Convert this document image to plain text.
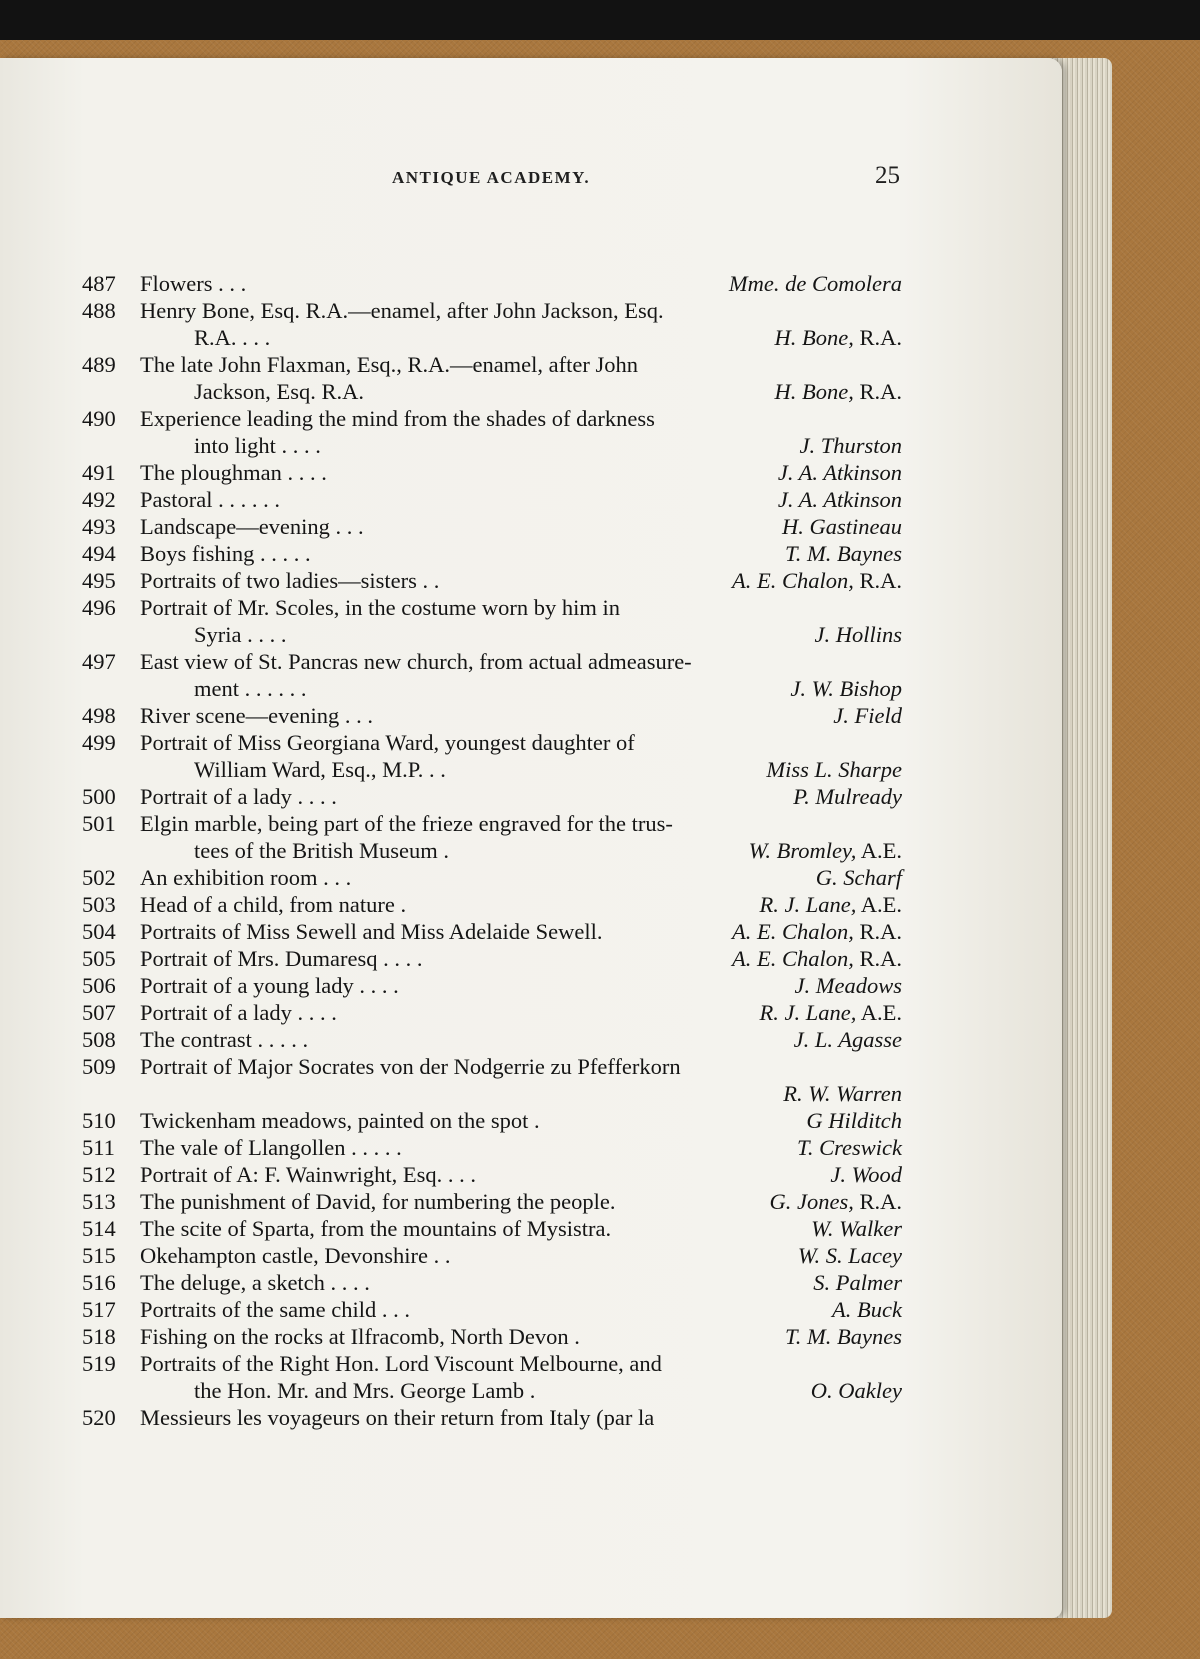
ANTIQUE ACADEMY.	25
487	Flowers . . .	Mme. de Comolera
488	Henry Bone, Esq. R.A.—enamel, after John Jackson, Esq.
R.A. . . .	H. Bone, R.A.
489	The late John Flaxman, Esq., R.A.—enamel, after John
Jackson, Esq. R.A.	H. Bone, R.A.
490	Experience leading the mind from the shades of darkness
into light . . . .	J. Thurston
491	The ploughman . . . .	J. A. Atkinson
492	Pastoral . . . . . .	J. A. Atkinson
493	Landscape—evening . . .	H. Gastineau
494	Boys fishing . . . . .	T. M. Baynes
495	Portraits of two ladies—sisters . .	A. E. Chalon, R.A.
496	Portrait of Mr. Scoles, in the costume worn by him in
Syria . . . .	J. Hollins
497	East view of St. Pancras new church, from actual admeasure-
ment . . . . . .	J. W. Bishop
498	River scene—evening . . .	J. Field
499	Portrait of Miss Georgiana Ward, youngest daughter of
William Ward, Esq., M.P. . .	Miss L. Sharpe
500	Portrait of a lady . . . .	P. Mulready
501	Elgin marble, being part of the frieze engraved for the trus-
tees of the British Museum .	W. Bromley, A.E.
502	An exhibition room . . .	G. Scharf
503	Head of a child, from nature .	R. J. Lane, A.E.
504	Portraits of Miss Sewell and Miss Adelaide Sewell.	A. E. Chalon, R.A.
505	Portrait of Mrs. Dumaresq . . . .	A. E. Chalon, R.A.
506	Portrait of a young lady . . . .	J. Meadows
507	Portrait of a lady . . . .	R. J. Lane, A.E.
508	The contrast . . . . .	J. L. Agasse
509	Portrait of Major Socrates von der Nodgerrie zu Pfefferkorn
R. W. Warren
510	Twickenham meadows, painted on the spot .	G Hilditch
511	The vale of Llangollen . . . . .	T. Creswick
512	Portrait of A: F. Wainwright, Esq. . . .	J. Wood
513	The punishment of David, for numbering the people.	G. Jones, R.A.
514	The scite of Sparta, from the mountains of Mysistra.	W. Walker
515	Okehampton castle, Devonshire . .	W. S. Lacey
516	The deluge, a sketch . . . .	S. Palmer
517	Portraits of the same child . . .	A. Buck
518	Fishing on the rocks at Ilfracomb, North Devon .	T. M. Baynes
519	Portraits of the Right Hon. Lord Viscount Melbourne, and
the Hon. Mr. and Mrs. George Lamb .	O. Oakley
520	Messieurs les voyageurs on their return from Italy (par la
